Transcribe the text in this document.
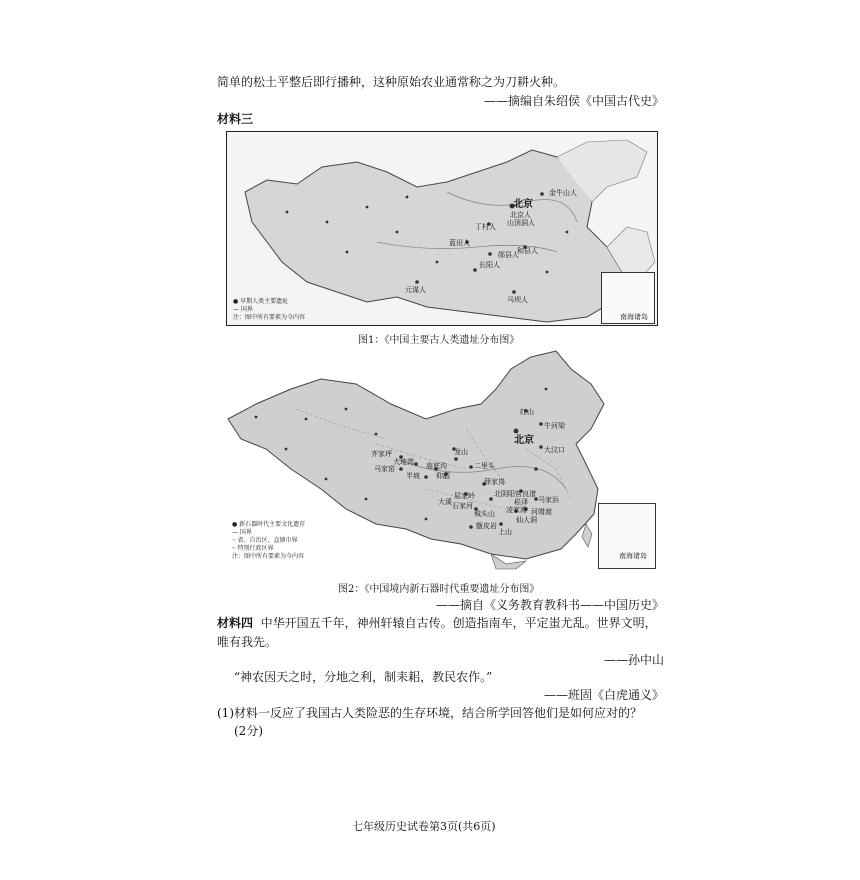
简单的松土平整后即行播种，这种原始农业通常称之为刀耕火种。
——摘编自朱绍侯《中国古代史》
材料三
北京
金牛山人
北京人
山顶洞人
丁村人
蓝田人
郧县人
和县人
长阳人
元谋人
马坝人
● 早期人类主要遗址
— 国界
注：图中所有要素为今内容	南海诸岛
图1：《中国主要古人类遗址分布图》
北京
红山
牛河梁
大汶口
齐家坪
大地湾
马家窑	庙底沟
龙山
半坡 仰韶
二里头
薛家岗
北阴阳营
屈家岭
石家河
大溪
良渚
马家浜
崧泽
河姆渡
凌家滩
仙人洞
城头山
上山
甑皮岩
● 新石器时代主要文化遗存
— 国界
┈ 省、自治区、直辖市界
┄ 特别行政区界
注：图中所有要素为今内容	南海诸岛
图2：《中国境内新石器时代重要遗址分布图》
——摘自《义务教育教科书——中国历史》
材料四 中华开国五千年，神州轩辕自古传。创造指南车，平定蚩尤乱。世界文明，
唯有我先。
——孙中山
“神农因天之时，分地之利，制耒耜，教民农作。”
——班固《白虎通义》
(1)材料一反应了我国古人类险恶的生存环境，结合所学回答他们是如何应对的？
(2分)
七年级历史试卷第3页(共6页)
